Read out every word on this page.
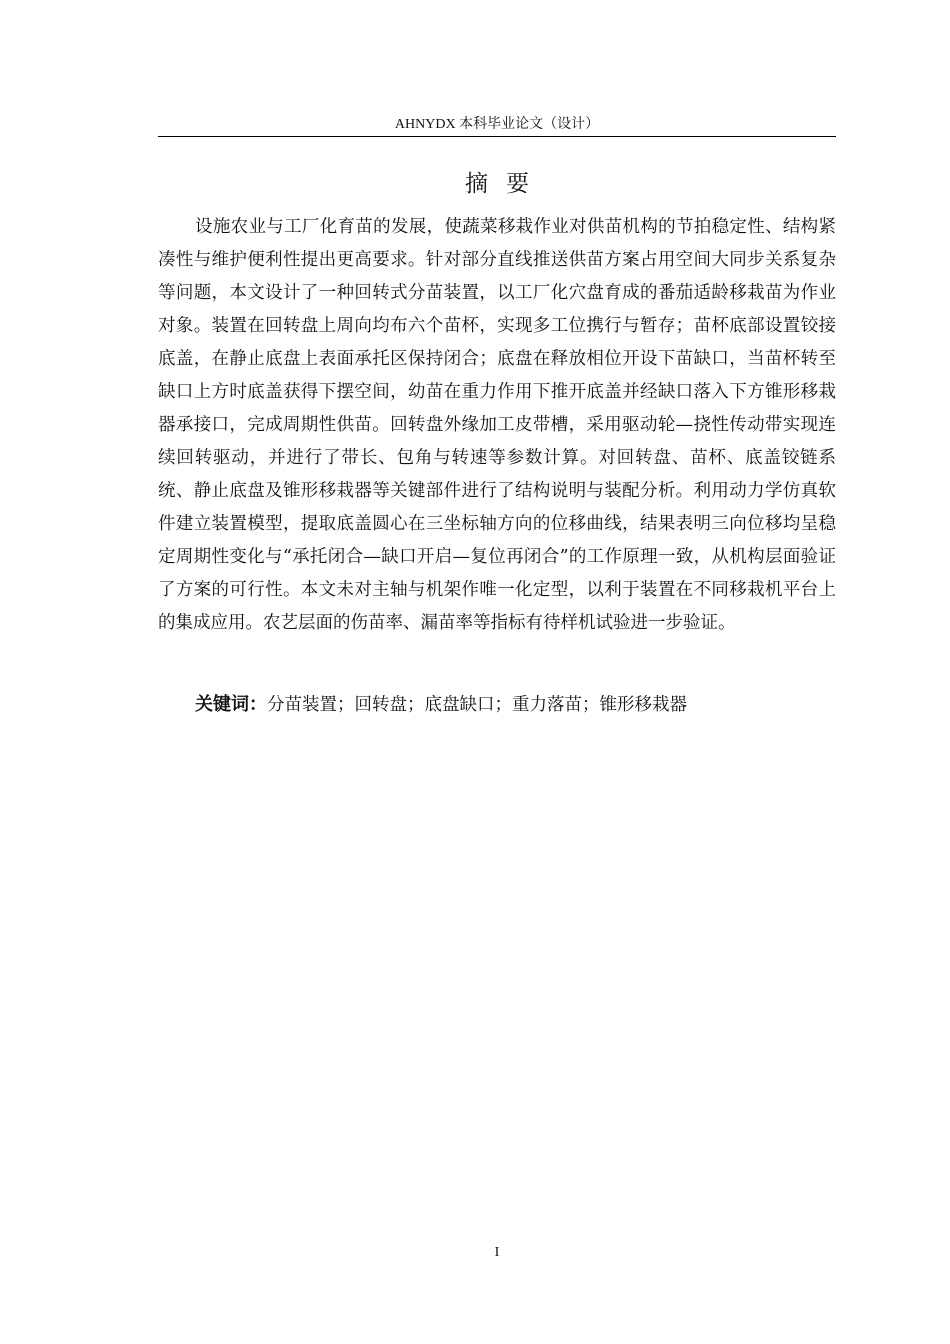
AHNYDX 本科毕业论文（设计）
摘要

设施农业与工厂化育苗的发展，使蔬菜移栽作业对供苗机构的节拍稳定性、结构紧凑性与维护便利性提出更高要求。针对部分直线推送供苗方案占用空间大同步关系复杂等问题，本文设计了一种回转式分苗装置，以工厂化穴盘育成的番茄适龄移栽苗为作业对象。装置在回转盘上周向均布六个苗杯，实现多工位携行与暂存；苗杯底部设置铰接底盖，在静止底盘上表面承托区保持闭合；底盘在释放相位开设下苗缺口，当苗杯转至缺口上方时底盖获得下摆空间，幼苗在重力作用下推开底盖并经缺口落入下方锥形移栽器承接口，完成周期性供苗。回转盘外缘加工皮带槽，采用驱动轮—挠性传动带实现连续回转驱动，并进行了带长、包角与转速等参数计算。对回转盘、苗杯、底盖铰链系统、静止底盘及锥形移栽器等关键部件进行了结构说明与装配分析。利用动力学仿真软件建立装置模型，提取底盖圆心在三坐标轴方向的位移曲线，结果表明三向位移均呈稳定周期性变化与“承托闭合—缺口开启—复位再闭合”的工作原理一致，从机构层面验证了方案的可行性。本文未对主轴与机架作唯一化定型，以利于装置在不同移栽机平台上的集成应用。农艺层面的伤苗率、漏苗率等指标有待样机试验进一步验证。

关键词：分苗装置；回转盘；底盘缺口；重力落苗；锥形移栽器
I
